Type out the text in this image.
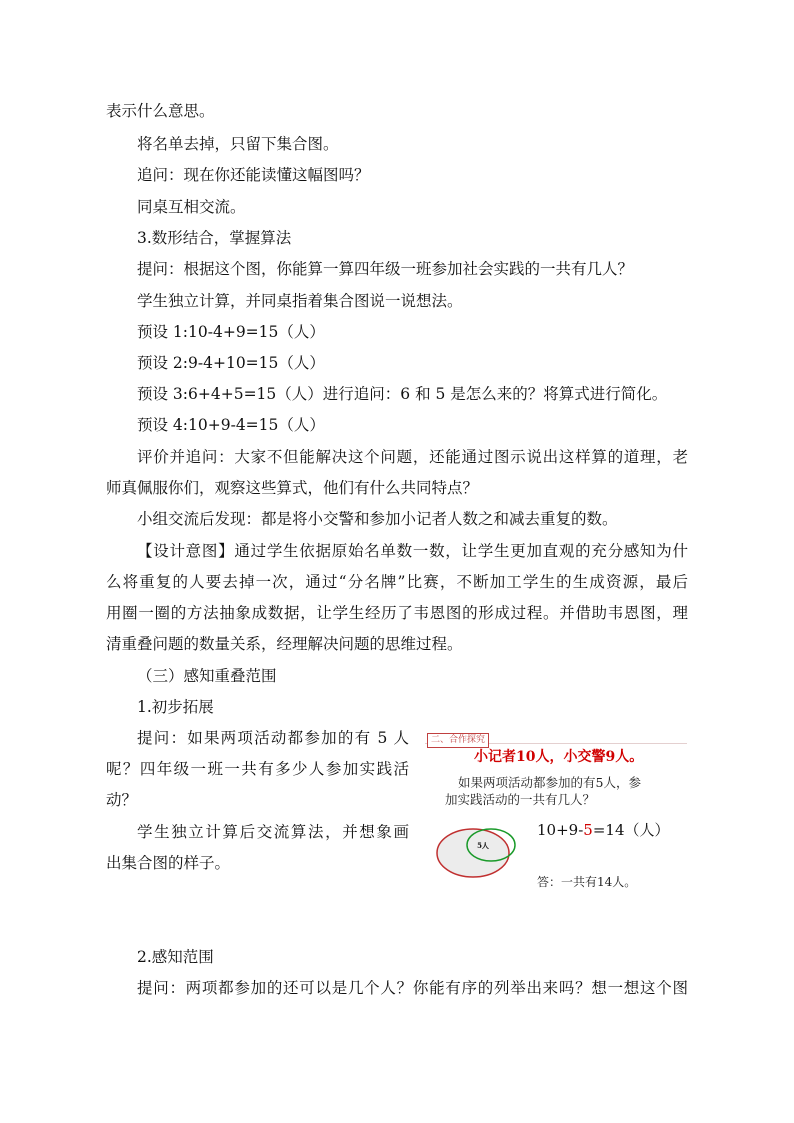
表示什么意思。
将名单去掉，只留下集合图。
追问：现在你还能读懂这幅图吗？
同桌互相交流。
3.数形结合，掌握算法
提问：根据这个图，你能算一算四年级一班参加社会实践的一共有几人？
学生独立计算，并同桌指着集合图说一说想法。
预设 1:10-4+9=15（人）
预设 2:9-4+10=15（人）
预设 3:6+4+5=15（人）进行追问：6 和 5 是怎么来的？将算式进行简化。
预设 4:10+9-4=15（人）
评价并追问：大家不但能解决这个问题，还能通过图示说出这样算的道理，老
师真佩服你们，观察这些算式，他们有什么共同特点？
小组交流后发现：都是将小交警和参加小记者人数之和减去重复的数。
【设计意图】通过学生依据原始名单数一数，让学生更加直观的充分感知为什
么将重复的人要去掉一次，通过“分名牌”比赛，不断加工学生的生成资源，最后
用圈一圈的方法抽象成数据，让学生经历了韦恩图的形成过程。并借助韦恩图，理
清重叠问题的数量关系，经理解决问题的思维过程。
（三）感知重叠范围
1.初步拓展
提问：如果两项活动都参加的有 5 人
呢？四年级一班一共有多少人参加实践活
动？
学生独立计算后交流算法，并想象画
出集合图的样子。
2.感知范围
提问：两项都参加的还可以是几个人？你能有序的列举出来吗？想一想这个图
二、合作探究
小记者10人，小交警9人。
如果两项活动都参加的有5人，参
加实践活动的一共有几人？
5人
10+9-5=14（人）
答：一共有14人。
